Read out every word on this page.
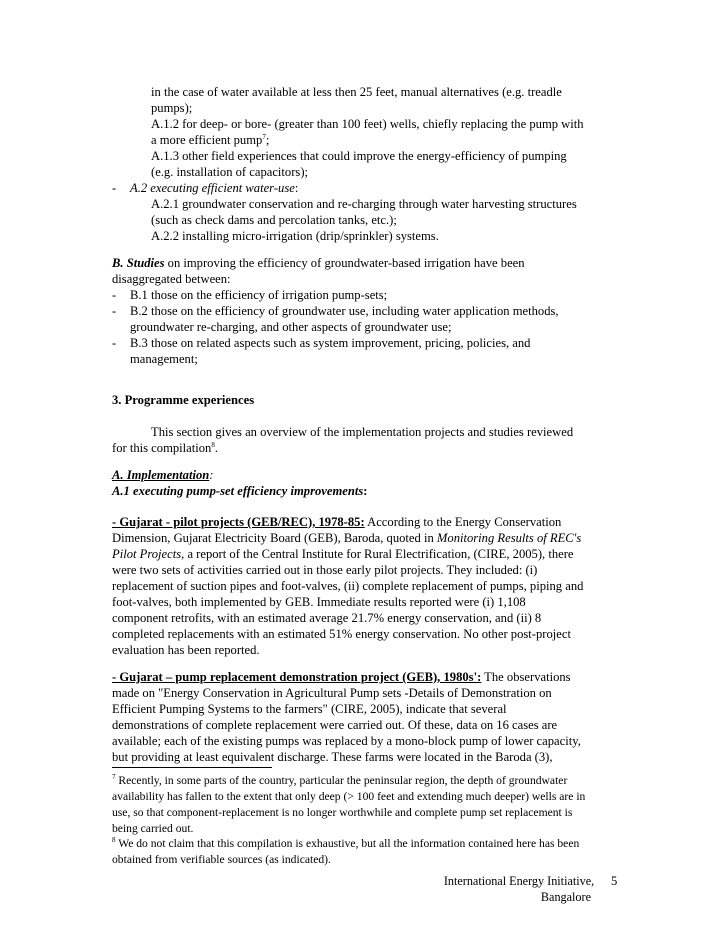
in the case of water available at less then 25 feet, manual alternatives (e.g. treadle
pumps);
A.1.2 for deep- or bore- (greater than 100 feet) wells, chiefly replacing the pump with
a more efficient pump$^7$;
A.1.3 other field experiences that could improve the energy-efficiency of pumping
(e.g. installation of capacitors);
- A.2 executing efficient water-use:
A.2.1 groundwater conservation and re-charging through water harvesting structures
(such as check dams and percolation tanks, etc.);
A.2.2 installing micro-irrigation (drip/sprinkler) systems.
B. Studies on improving the efficiency of groundwater-based irrigation have been
disaggregated between:
- B.1 those on the efficiency of irrigation pump-sets;
- B.2 those on the efficiency of groundwater use, including water application methods,
groundwater re-charging, and other aspects of groundwater use;
- B.3 those on related aspects such as system improvement, pricing, policies, and
management;
3. Programme experiences
This section gives an overview of the implementation projects and studies reviewed
for this compilation$^8$.
A. Implementation:
A.1 executing pump-set efficiency improvements:
- Gujarat - pilot projects (GEB/REC), 1978-85: According to the Energy Conservation
Dimension, Gujarat Electricity Board (GEB), Baroda, quoted in Monitoring Results of REC's
Pilot Projects, a report of the Central Institute for Rural Electrification, (CIRE, 2005), there
were two sets of activities carried out in those early pilot projects. They included: (i)
replacement of suction pipes and foot-valves, (ii) complete replacement of pumps, piping and
foot-valves, both implemented by GEB. Immediate results reported were (i) 1,108
component retrofits, with an estimated average 21.7% energy conservation, and (ii) 8
completed replacements with an estimated 51% energy conservation. No other post-project
evaluation has been reported.
- Gujarat – pump replacement demonstration project (GEB), 1980s': The observations
made on "Energy Conservation in Agricultural Pump sets -Details of Demonstration on
Efficient Pumping Systems to the farmers" (CIRE, 2005), indicate that several
demonstrations of complete replacement were carried out. Of these, data on 16 cases are
available; each of the existing pumps was replaced by a mono-block pump of lower capacity,
but providing at least equivalent discharge. These farms were located in the Baroda (3),
$^7$ Recently, in some parts of the country, particular the peninsular region, the depth of groundwater
availability has fallen to the extent that only deep (> 100 feet and extending much deeper) wells are in
use, so that component-replacement is no longer worthwhile and complete pump set replacement is
being carried out.
$^8$ We do not claim that this compilation is exhaustive, but all the information contained here has been
obtained from verifiable sources (as indicated).
International Energy Initiative,
Bangalore
5
